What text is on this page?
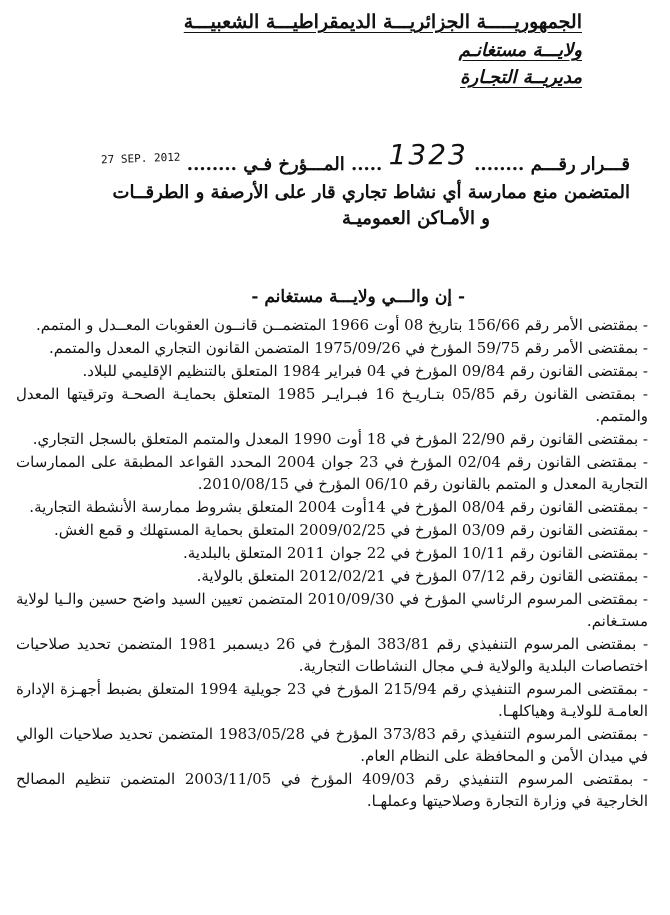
الجمهوريـــــة الجزائريـــة الديمقراطيـــة الشعبيـــة
ولايـــة مستغانـم
مديريــة التجـارة
قـــرار رقـــم ........ 1323 ..... المـــؤرخ فـي ........ 27 SEP. 2012
المتضمن منع ممارسة أي نشاط تجاري قار على الأرصفة و الطرقــات
و الأمـاكن العموميـة
- إن والـــي ولايـــة مستغانم -
- بمقتضى الأمر رقم 156/66 بتاريخ 08 أوت 1966 المتضمــن قانــون العقوبات المعــدل و المتمم.
- بمقتضى الأمر رقم 59/75 المؤرخ في 1975/09/26 المتضمن القانون التجاري المعدل والمتمم.
- بمقتضى القانون رقم 09/84 المؤرخ في 04 فبراير 1984 المتعلق بالتنظيم الإقليمي للبلاد.
- بمقتضى القانون رقم 05/85 بتـاريـخ 16 فبـرايـر 1985 المتعلق بحمايـة الصحـة وترقيتها المعدل والمتمم.
- بمقتضى القانون رقم 22/90 المؤرخ في 18 أوت 1990 المعدل والمتمم المتعلق بالسجل التجاري.
- بمقتضى القانون رقم 02/04 المؤرخ في 23 جوان 2004 المحدد القواعد المطبقة على الممارسات التجارية المعدل و المتمم بالقانون رقم 06/10 المؤرخ في 2010/08/15.
- بمقتضى القانون رقم 08/04 المؤرخ في 14أوت 2004 المتعلق بشروط ممارسة الأنشطة التجارية.
- بمقتضى القانون رقم 03/09 المؤرخ في 2009/02/25 المتعلق بحماية المستهلك و قمع الغش.
- بمقتضى القانون رقم 10/11 المؤرخ في 22 جوان 2011 المتعلق بالبلدية.
- بمقتضى القانون رقم 07/12 المؤرخ في 2012/02/21 المتعلق بالولاية.
- بمقتضى المرسوم الرئاسي المؤرخ في 2010/09/30 المتضمن تعيين السيد واضح حسين والـيا لولاية مستـغانم.
- بمقتضى المرسوم التنفيذي رقم 383/81 المؤرخ في 26 ديسمبر 1981 المتضمن تحديد صلاحيات اختصاصات البلدية والولاية فـي مجال النشاطات التجارية.
- بمقتضى المرسوم التنفيذي رقم 215/94 المؤرخ في 23 جويلية 1994 المتعلق بضبط أجهـزة الإدارة العامـة للولايـة وهياكلهـا.
- بمقتضى المرسوم التنفيذي رقم 373/83 المؤرخ في 1983/05/28 المتضمن تحديد صلاحيات الوالي في ميدان الأمن و المحافظة على النظام العام.
- بمقتضى المرسوم التنفيذي رقم 409/03 المؤرخ في 2003/11/05 المتضمن تنظيم المصالح الخارجية في وزارة التجارة وصلاحيتها وعملهـا.
